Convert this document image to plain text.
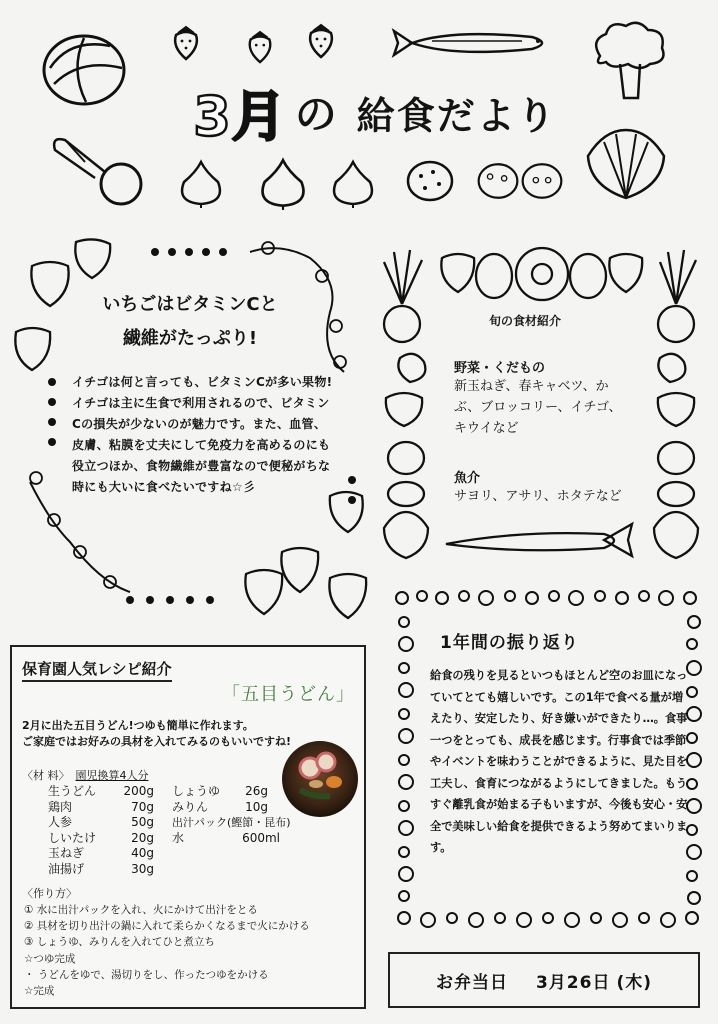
3月 の 給食だより
いちごはビタミンCと
繊維がたっぷり!
イチゴは何と言っても、ビタミンCが多い果物!イチゴは主に生食で利用されるので、ビタミンCの損失が少ないのが魅力です。また、血管、皮膚、粘膜を丈夫にして免疫力を高めるのにも役立つほか、食物繊維が豊富なので便秘がちな時にも大いに食べたいですね☆彡
旬の食材紹介
野菜・くだもの
新玉ねぎ、春キャベツ、か
ぶ、ブロッコリー、イチゴ、
キウイなど
魚介
サヨリ、アサリ、ホタテなど
保育園人気レシピ紹介
「五目うどん」
2月に出た五目うどん!つゆも簡単に作れます。
ご家庭ではお好みの具材を入れてみるのもいいですね!
〈材 料〉 園児換算4人分
生うどん	200g
鶏肉	70g
人参	50g
しいたけ	20g
玉ねぎ	40g
油揚げ	30g
しょうゆ	26g
みりん	10g
出汁パック(鰹節・昆布)
水	600ml
〈作り方〉
① 水に出汁パックを入れ、火にかけて出汁をとる
② 具材を切り出汁の鍋に入れて柔らかくなるまで火にかける
③ しょうゆ、みりんを入れてひと煮立ち
☆つゆ完成
・ うどんをゆで、湯切りをし、作ったつゆをかける
☆完成
1年間の振り返り
給食の残りを見るといつもほとんど空のお皿になっていてとても嬉しいです。この1年で食べる量が増えたり、安定したり、好き嫌いができたり…。食事一つをとっても、成長を感じます。行事食では季節やイベントを味わうことができるように、見た目を工夫し、食育につながるようにしてきました。もうすぐ離乳食が始まる子もいますが、今後も安心・安全で美味しい給食を提供できるよう努めてまいります。
お弁当日 3月26日 (木)
